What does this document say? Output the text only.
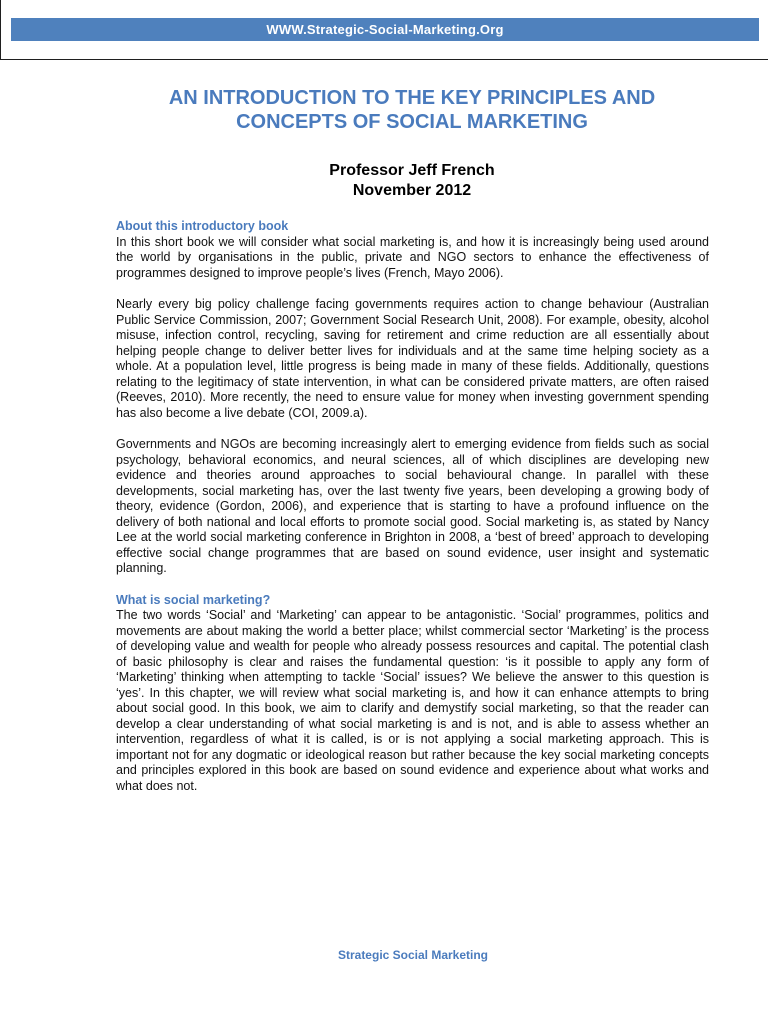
WWW.Strategic-Social-Marketing.Org
AN INTRODUCTION TO THE KEY PRINCIPLES AND
CONCEPTS OF SOCIAL MARKETING
Professor Jeff French
November 2012
About this introductory book

In this short book we will consider what social marketing is, and how it is increasingly being used around the world by organisations in the public, private and NGO sectors to enhance the effectiveness of programmes designed to improve people’s lives (French, Mayo 2006).

Nearly every big policy challenge facing governments requires action to change behaviour (Australian Public Service Commission, 2007; Government Social Research Unit, 2008). For example, obesity, alcohol misuse, infection control, recycling, saving for retirement and crime reduction are all essentially about helping people change to deliver better lives for individuals and at the same time helping society as a whole. At a population level, little progress is being made in many of these fields. Additionally, questions relating to the legitimacy of state intervention, in what can be considered private matters, are often raised (Reeves, 2010). More recently, the need to ensure value for money when investing government spending has also become a live debate (COI, 2009.a).

Governments and NGOs are becoming increasingly alert to emerging evidence from fields such as social psychology, behavioral economics, and neural sciences, all of which disciplines are developing new evidence and theories around approaches to social behavioural change. In parallel with these developments, social marketing has, over the last twenty five years, been developing a growing body of theory, evidence (Gordon, 2006), and experience that is starting to have a profound influence on the delivery of both national and local efforts to promote social good. Social marketing is, as stated by Nancy Lee at the world social marketing conference in Brighton in 2008, a ‘best of breed’ approach to developing effective social change programmes that are based on sound evidence, user insight and systematic planning.

What is social marketing?

The two words ‘Social’ and ‘Marketing’ can appear to be antagonistic. ‘Social’ programmes, politics and movements are about making the world a better place; whilst commercial sector ‘Marketing’ is the process of developing value and wealth for people who already possess resources and capital. The potential clash of basic philosophy is clear and raises the fundamental question: ‘is it possible to apply any form of ‘Marketing’ thinking when attempting to tackle ‘Social’ issues? We believe the answer to this question is ‘yes’. In this chapter, we will review what social marketing is, and how it can enhance attempts to bring about social good. In this book, we aim to clarify and demystify social marketing, so that the reader can develop a clear understanding of what social marketing is and is not, and is able to assess whether an intervention, regardless of what it is called, is or is not applying a social marketing approach. This is important not for any dogmatic or ideological reason but rather because the key social marketing concepts and principles explored in this book are based on sound evidence and experience about what works and what does not.

Strategic Social Marketing
